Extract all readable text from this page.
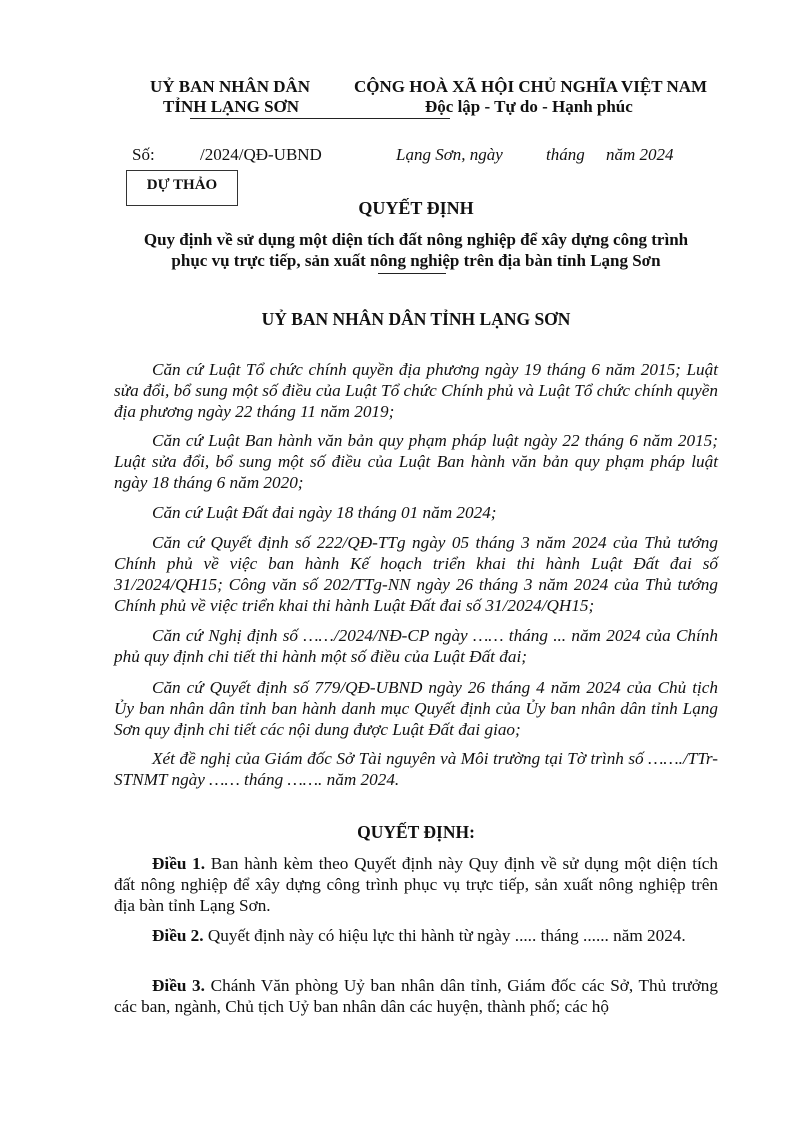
UỶ BAN NHÂN DÂN
TỈNH LẠNG SƠN
CỘNG HOÀ XÃ HỘI CHỦ NGHĨA VIỆT NAM
Độc lập - Tự do - Hạnh phúc
Số:	/2024/QĐ-UBND	Lạng Sơn, ngày	tháng năm 2024
DỰ THẢO
QUYẾT ĐỊNH
Quy định về sử dụng một diện tích đất nông nghiệp để xây dựng công trình
phục vụ trực tiếp, sản xuất nông nghiệp trên địa bàn tỉnh Lạng Sơn
UỶ BAN NHÂN DÂN TỈNH LẠNG SƠN
Căn cứ Luật Tổ chức chính quyền địa phương ngày 19 tháng 6 năm 2015; Luật sửa đổi, bổ sung một số điều của Luật Tổ chức Chính phủ và Luật Tổ chức chính quyền địa phương ngày 22 tháng 11 năm 2019;
Căn cứ Luật Ban hành văn bản quy phạm pháp luật ngày 22 tháng 6 năm 2015; Luật sửa đổi, bổ sung một số điều của Luật Ban hành văn bản quy phạm pháp luật ngày 18 tháng 6 năm 2020;
Căn cứ Luật Đất đai ngày 18 tháng 01 năm 2024;
Căn cứ Quyết định số 222/QĐ-TTg ngày 05 tháng 3 năm 2024 của Thủ tướng Chính phủ về việc ban hành Kế hoạch triển khai thi hành Luật Đất đai số 31/2024/QH15; Công văn số 202/TTg-NN ngày 26 tháng 3 năm 2024 của Thủ tướng Chính phủ về việc triển khai thi hành Luật Đất đai số 31/2024/QH15;
Căn cứ Nghị định số ……/2024/NĐ-CP ngày …… tháng ... năm 2024 của Chính phủ quy định chi tiết thi hành một số điều của Luật Đất đai;
Căn cứ Quyết định số 779/QĐ-UBND ngày 26 tháng 4 năm 2024 của Chủ tịch Ủy ban nhân dân tỉnh ban hành danh mục Quyết định của Ủy ban nhân dân tỉnh Lạng Sơn quy định chi tiết các nội dung được Luật Đất đai giao;
Xét đề nghị của Giám đốc Sở Tài nguyên và Môi trường tại Tờ trình số ……./TTr-STNMT ngày …… tháng ……. năm 2024.
QUYẾT ĐỊNH:
Điều 1. Ban hành kèm theo Quyết định này Quy định về sử dụng một diện tích đất nông nghiệp để xây dựng công trình phục vụ trực tiếp, sản xuất nông nghiệp trên địa bàn tỉnh Lạng Sơn.
Điều 2. Quyết định này có hiệu lực thi hành từ ngày ..... tháng ...... năm 2024.
Điều 3. Chánh Văn phòng Uỷ ban nhân dân tỉnh, Giám đốc các Sở, Thủ trưởng các ban, ngành, Chủ tịch Uỷ ban nhân dân các huyện, thành phố; các hộ
